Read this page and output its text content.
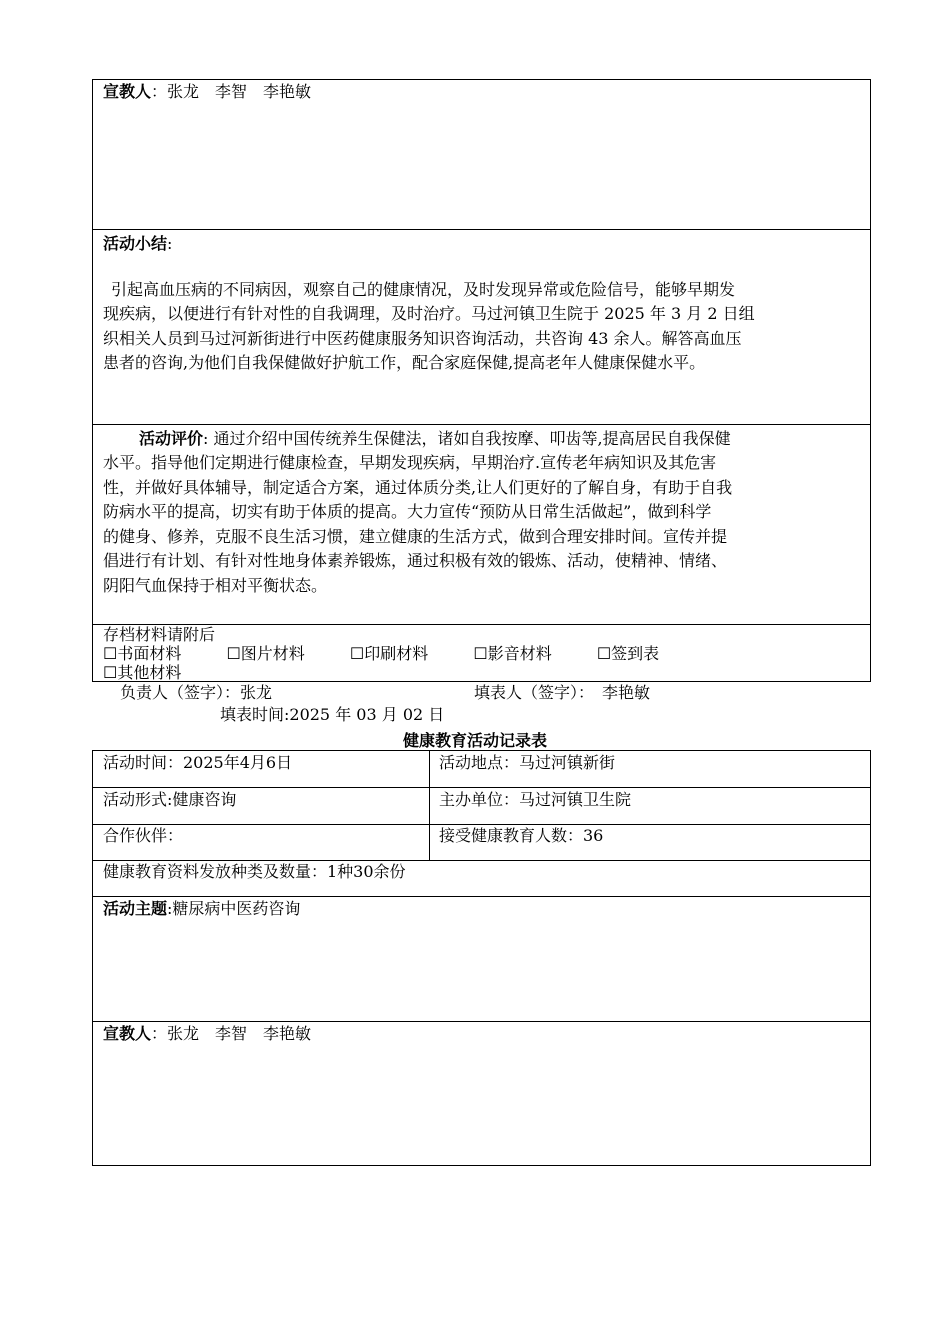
宣教人：张龙　李智　李艳敏
活动小结:
引起高血压病的不同病因，观察自己的健康情况，及时发现异常或危险信号，能够早期发
现疾病，以便进行有针对性的自我调理，及时治疗。马过河镇卫生院于 2025 年 3 月 2 日组
织相关人员到马过河新街进行中医药健康服务知识咨询活动，共咨询 43 余人。解答高血压
患者的咨询,为他们自我保健做好护航工作，配合家庭保健,提高老年人健康保健水平。
活动评价: 通过介绍中国传统养生保健法，诸如自我按摩、叩齿等,提高居民自我保健
水平。指导他们定期进行健康检查，早期发现疾病，早期治疗.宣传老年病知识及其危害
性，并做好具体辅导，制定适合方案，通过体质分类,让人们更好的了解自身，有助于自我
防病水平的提高，切实有助于体质的提高。大力宣传“预防从日常生活做起”，做到科学
的健身、修养，克服不良生活习惯，建立健康的生活方式，做到合理安排时间。宣传并提
倡进行有计划、有针对性地身体素养锻炼，通过积极有效的锻炼、活动，使精神、情绪、
阴阳气血保持于相对平衡状态。
存档材料请附后
☐书面材料	☐图片材料	☐印刷材料	☐影音材料	☐签到表
☐其他材料
负责人（签字）：张龙	填表人（签字）：　李艳敏
填表时间:2025 年 03 月 02 日
健康教育活动记录表
活动时间：2025年4月6日	活动地点：马过河镇新街
活动形式:健康咨询	主办单位：马过河镇卫生院
合作伙伴：	接受健康教育人数：36
健康教育资料发放种类及数量：1种30余份
活动主题:糖尿病中医药咨询
宣教人：张龙　李智　李艳敏
